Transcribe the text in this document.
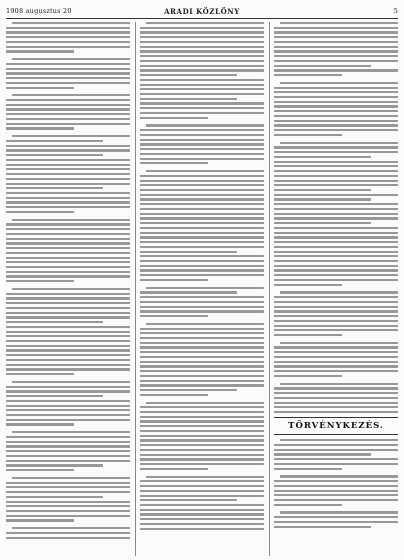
1908 augusztus 20	ARADI KÖZLÖNY	5
TÖRVÉNYKEZÉS.
